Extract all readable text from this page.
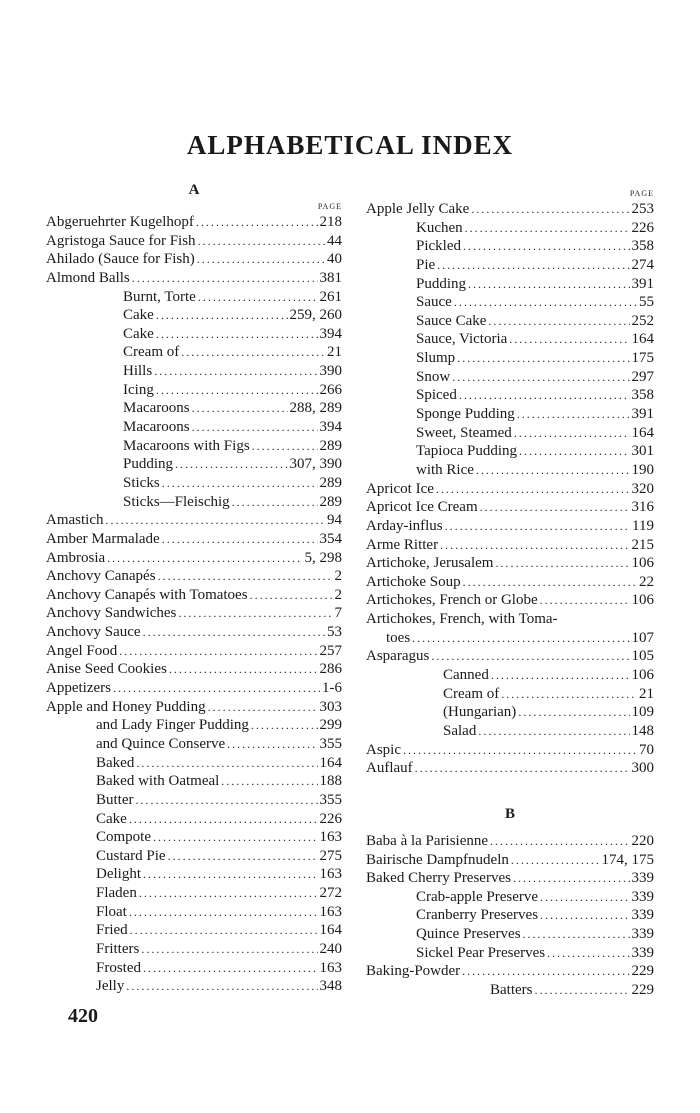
ALPHABETICAL INDEX
A
PAGE
Abgeruehrter Kugelhopf .....	218
Agristoga Sauce for Fish .....	44
Ahilado (Sauce for Fish) .....	40
Almond Balls .....	381
Burnt, Torte .....	261
Cake .....	259, 260
Cake .....	394
Cream of .....	21
Hills .....	390
Icing .....	266
Macaroons .....	288, 289
Macaroons .....	394
Macaroons with Figs .....	289
Pudding .....	307, 390
Sticks .....	289
Sticks—Fleischig .....	289
Amastich .....	94
Amber Marmalade .....	354
Ambrosia .....	5, 298
Anchovy Canapés .....	2
Anchovy Canapés with Tomatoes .....	2
Anchovy Sandwiches .....	7
Anchovy Sauce .....	53
Angel Food .....	257
Anise Seed Cookies .....	286
Appetizers .....	1-6
Apple and Honey Pudding .....	303
and Lady Finger Pudding .....	299
and Quince Conserve .....	355
Baked .....	164
Baked with Oatmeal .....	188
Butter .....	355
Cake .....	226
Compote .....	163
Custard Pie .....	275
Delight .....	163
Fladen .....	272
Float .....	163
Fried .....	164
Fritters .....	240
Frosted .....	163
Jelly .....	348
PAGE
Apple Jelly Cake .....	253
Kuchen .....	226
Pickled .....	358
Pie .....	274
Pudding .....	391
Sauce .....	55
Sauce Cake .....	252
Sauce, Victoria .....	164
Slump .....	175
Snow .....	297
Spiced .....	358
Sponge Pudding .....	391
Sweet, Steamed .....	164
Tapioca Pudding .....	301
with Rice .....	190
Apricot Ice .....	320
Apricot Ice Cream .....	316
Arday-influs .....	119
Arme Ritter .....	215
Artichoke, Jerusalem .....	106
Artichoke Soup .....	22
Artichokes, French or Globe .....	106
Artichokes, French, with Toma-
toes .....	107
Asparagus .....	105
Canned .....	106
Cream of .....	21
(Hungarian) .....	109
Salad .....	148
Aspic .....	70
Auflauf .....	300
B
Baba à la Parisienne .....	220
Bairische Dampfnudeln .....	174, 175
Baked Cherry Preserves .....	339
Crab-apple Preserve .....	339
Cranberry Preserves .....	339
Quince Preserves .....	339
Sickel Pear Preserves .....	339
Baking-Powder .....	229
Batters .....	229
420
